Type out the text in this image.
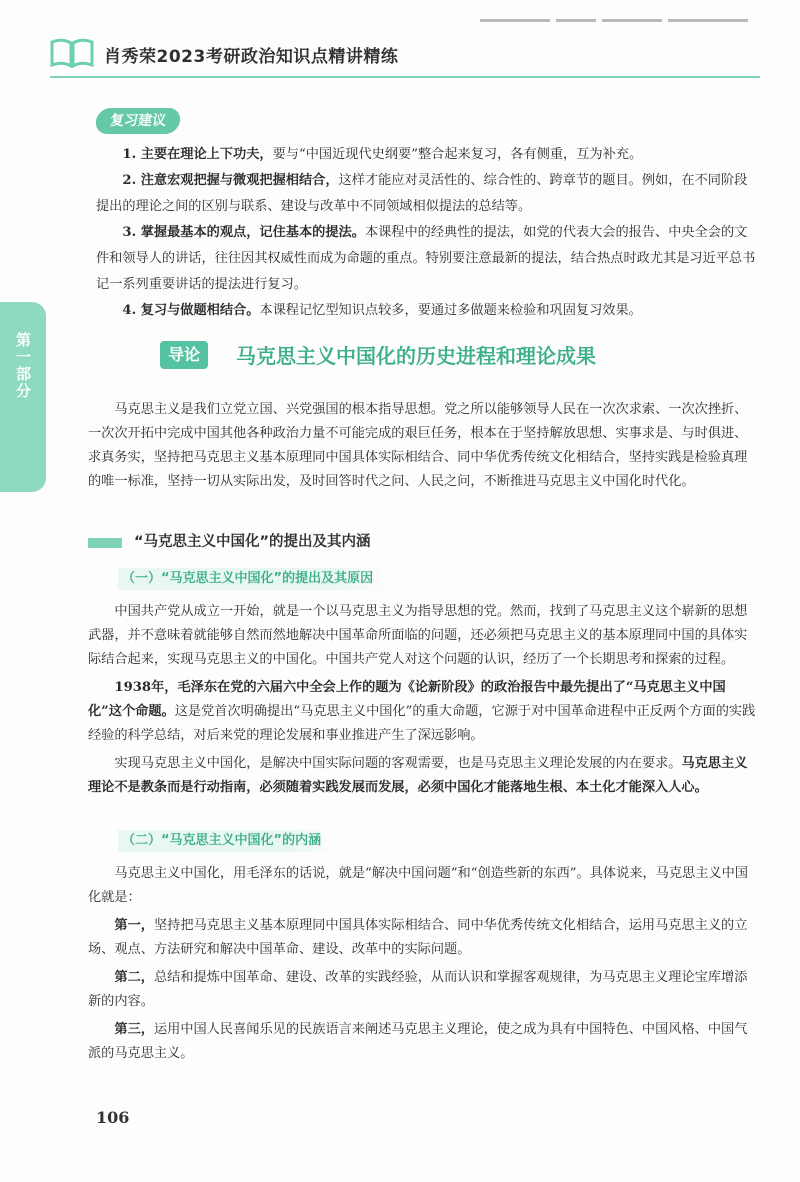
肖秀荣2023考研政治知识点精讲精练
第一部分
复习建议

1. 主要在理论上下功夫，要与“中国近现代史纲要”整合起来复习，各有侧重，互为补充。

2. 注意宏观把握与微观把握相结合，这样才能应对灵活性的、综合性的、跨章节的题目。例如，在不同阶段提出的理论之间的区别与联系、建设与改革中不同领域相似提法的总结等。

3. 掌握最基本的观点，记住基本的提法。本课程中的经典性的提法，如党的代表大会的报告、中央全会的文件和领导人的讲话，往往因其权威性而成为命题的重点。特别要注意最新的提法，结合热点时政尤其是习近平总书记一系列重要讲话的提法进行复习。

4. 复习与做题相结合。本课程记忆型知识点较多，要通过多做题来检验和巩固复习效果。

导论	马克思主义中国化的历史进程和理论成果

马克思主义是我们立党立国、兴党强国的根本指导思想。党之所以能够领导人民在一次次求索、一次次挫折、一次次开拓中完成中国其他各种政治力量不可能完成的艰巨任务，根本在于坚持解放思想、实事求是、与时俱进、求真务实，坚持把马克思主义基本原理同中国具体实际相结合、同中华优秀传统文化相结合，坚持实践是检验真理的唯一标准，坚持一切从实际出发，及时回答时代之问、人民之问，不断推进马克思主义中国化时代化。

“马克思主义中国化”的提出及其内涵
（一）“马克思主义中国化”的提出及其原因

中国共产党从成立一开始，就是一个以马克思主义为指导思想的党。然而，找到了马克思主义这个崭新的思想武器，并不意味着就能够自然而然地解决中国革命所面临的问题，还必须把马克思主义的基本原理同中国的具体实际结合起来，实现马克思主义的中国化。中国共产党人对这个问题的认识，经历了一个长期思考和探索的过程。

1938年，毛泽东在党的六届六中全会上作的题为《论新阶段》的政治报告中最先提出了“马克思主义中国化”这个命题。这是党首次明确提出“马克思主义中国化”的重大命题，它源于对中国革命进程中正反两个方面的实践经验的科学总结，对后来党的理论发展和事业推进产生了深远影响。

实现马克思主义中国化，是解决中国实际问题的客观需要，也是马克思主义理论发展的内在要求。马克思主义理论不是教条而是行动指南，必须随着实践发展而发展，必须中国化才能落地生根、本土化才能深入人心。

（二）“马克思主义中国化”的内涵

马克思主义中国化，用毛泽东的话说，就是“解决中国问题”和“创造些新的东西”。具体说来，马克思主义中国化就是：

第一，坚持把马克思主义基本原理同中国具体实际相结合、同中华优秀传统文化相结合，运用马克思主义的立场、观点、方法研究和解决中国革命、建设、改革中的实际问题。

第二，总结和提炼中国革命、建设、改革的实践经验，从而认识和掌握客观规律，为马克思主义理论宝库增添新的内容。

第三，运用中国人民喜闻乐见的民族语言来阐述马克思主义理论，使之成为具有中国特色、中国风格、中国气派的马克思主义。

106
